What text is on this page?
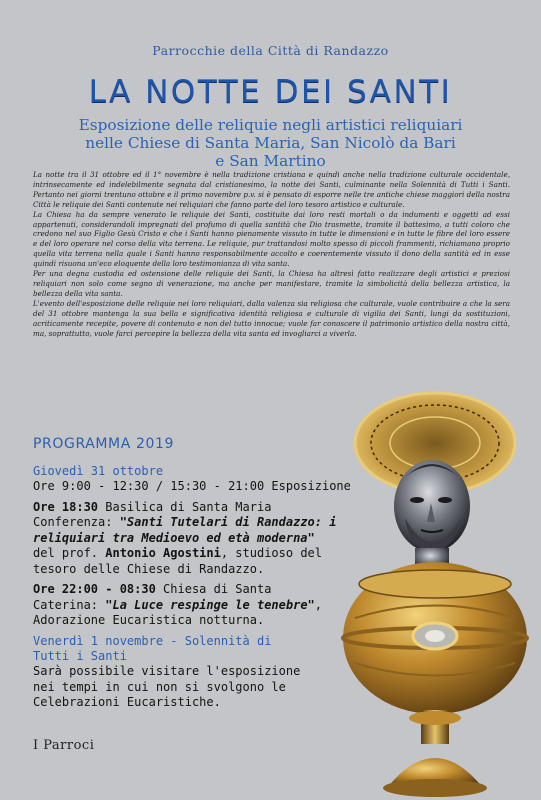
Parrocchie della Città di Randazzo
LA NOTTE DEI SANTI
Esposizione delle reliquie negli artistici reliquiari
nelle Chiese di Santa Maria, San Nicolò da Bari
e San Martino

La notte tra il 31 ottobre ed il 1° novembre è nella tradizione cristiana e quindi anche nella tradizione culturale occidentale, intrinsecamente ed indelebilmente segnata dal cristianesimo, la notte dei Santi, culminante nella Solennità di Tutti i Santi. Pertanto nei giorni trentuno ottobre e il primo novembre p.v. si è pensato di esporre nelle tre antiche chiese maggiori della nostra Città le reliquie dei Santi contenute nei reliquiari che fanno parte del loro tesoro artistico e culturale.

La Chiesa ha da sempre venerato le reliquie dei Santi, costituite dai loro resti mortali o da indumenti e oggetti ad essi appartenuti, considerandoli impregnati del profumo di quella santità che Dio trasmette, tramite il battesimo, a tutti coloro che credono nel suo Figlio Gesù Cristo e che i Santi hanno pienamente vissuto in tutte le dimensioni e in tutte le fibre del loro essere e del loro operare nel corso della vita terrena. Le reliquie, pur trattandosi molto spesso di piccoli frammenti, richiamano proprio quella vita terrena nella quale i Santi hanno responsabilmente accolto e coerentemente vissuto il dono della santità ed in esse quindi risuona un'eco eloquente della loro testimonianza di vita santa.

Per una degna custodia ed ostensione delle reliquie dei Santi, la Chiesa ha altresì fatto realizzare degli artistici e preziosi reliquiari non solo come segno di venerazione, ma anche per manifestare, tramite la simbolicità della bellezza artistica, la bellezza della vita santa.

L'evento dell'esposizione delle reliquie nei loro reliquiari, dalla valenza sia religiosa che culturale, vuole contribuire a che la sera del 31 ottobre mantenga la sua bella e significativa identità religiosa e culturale di vigilia dei Santi, lungi da sostituzioni, acriticamente recepite, povere di contenuto e non del tutto innocue; vuole far conoscere il patrimonio artistico della nostra città, ma, soprattutto, vuole farci percepire la bellezza della vita santa ed invogliarci a viverla.

PROGRAMMA 2019
Giovedì 31 ottobre
Ore 9:00 - 12:30 / 15:30 - 21:00 Esposizione
Ore 18:30 Basilica di Santa Maria
Conferenza: "Santi Tutelari di Randazzo: i
reliquiari tra Medioevo ed età moderna"
del prof. Antonio Agostini, studioso del
tesoro delle Chiese di Randazzo.
Ore 22:00 - 08:30 Chiesa di Santa
Caterina: "La Luce respinge le tenebre",
Adorazione Eucaristica notturna.
Venerdì 1 novembre - Solennità di
Tutti i Santi
Sarà possibile visitare l'esposizione
nei tempi in cui non si svolgono le
Celebrazioni Eucaristiche.
I Parroci
